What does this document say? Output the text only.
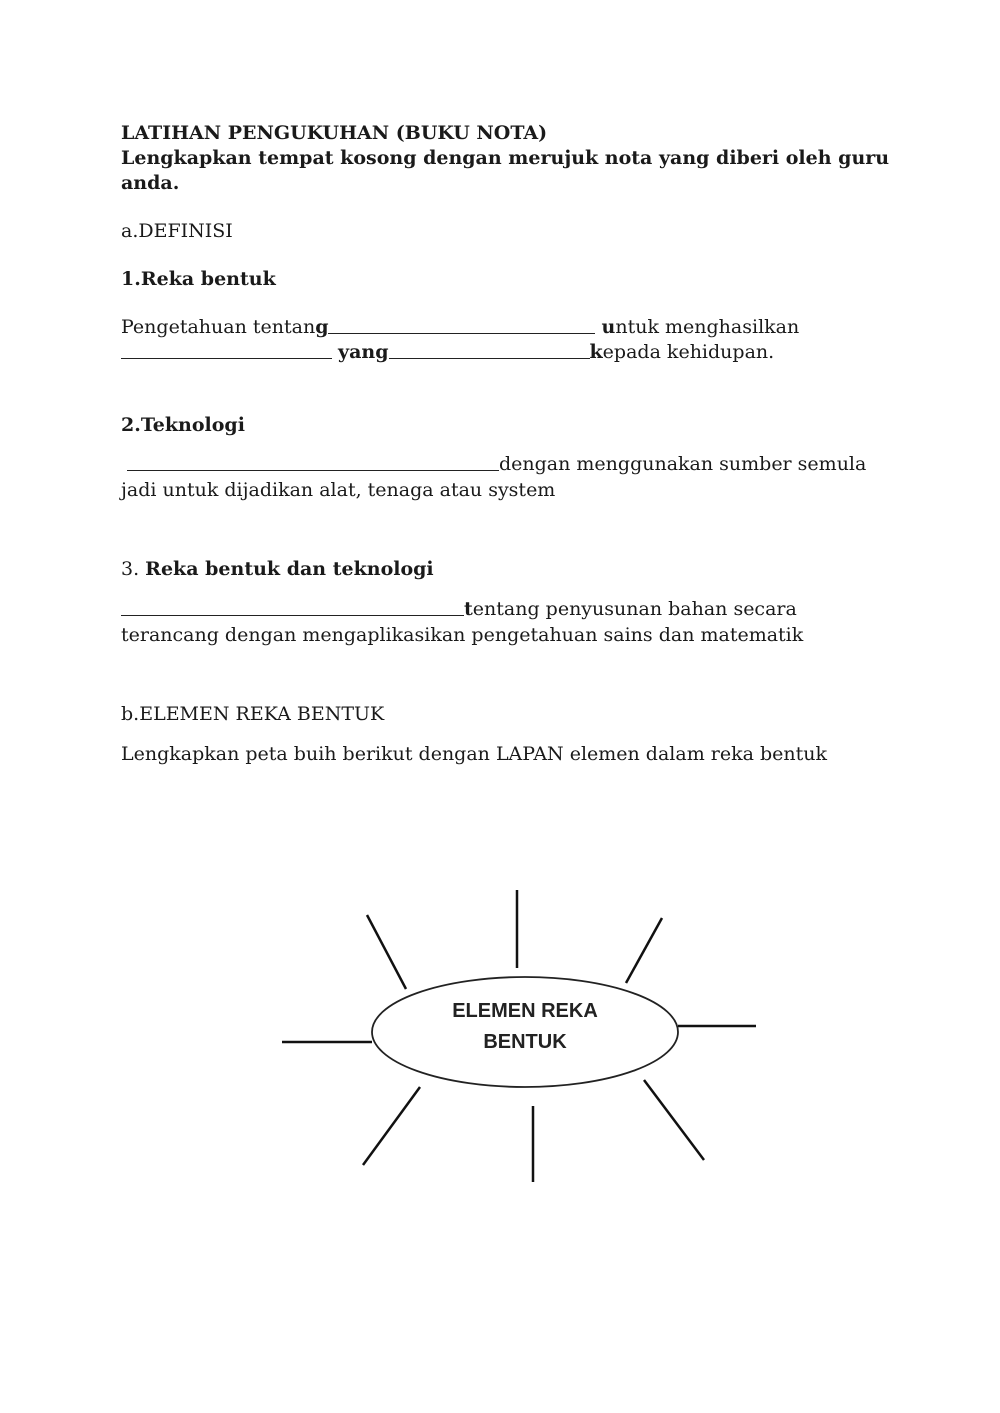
LATIHAN PENGUKUHAN (BUKU NOTA)
Lengkapkan tempat kosong dengan merujuk nota yang diberi oleh guru
anda.
a.DEFINISI
1.Reka bentuk
Pengetahuan tentang	untuk menghasilkan
yang	kepada kehidupan.
2.Teknologi
dengan menggunakan sumber semula
jadi untuk dijadikan alat, tenaga atau system
3. Reka bentuk dan teknologi
tentang penyusunan bahan secara
terancang dengan mengaplikasikan pengetahuan sains dan matematik
b.ELEMEN REKA BENTUK
Lengkapkan peta buih berikut dengan LAPAN elemen dalam reka bentuk
ELEMEN REKA
BENTUK
